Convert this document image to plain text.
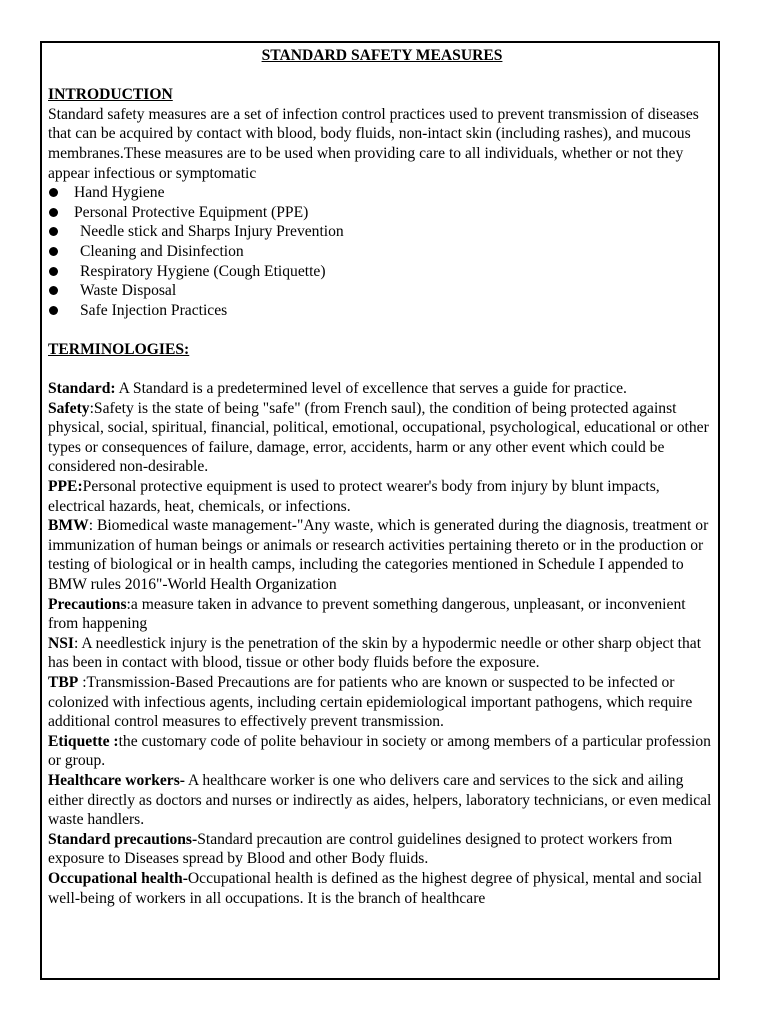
STANDARD SAFETY MEASURES

INTRODUCTION

Standard safety measures are a set of infection control practices used to prevent transmission of diseases that can be acquired by contact with blood, body fluids, non-intact skin (including rashes), and mucous membranes.These measures are to be used when providing care to all individuals, whether or not they appear infectious or symptomatic

Hand Hygiene
Personal Protective Equipment (PPE)
Needle stick and Sharps Injury Prevention
Cleaning and Disinfection
Respiratory Hygiene (Cough Etiquette)
Waste Disposal
Safe Injection Practices

TERMINOLOGIES:

Standard: A Standard is a predetermined level of excellence that serves a guide for practice.

Safety:Safety is the state of being "safe" (from French saul), the condition of being protected against physical, social, spiritual, financial, political, emotional, occupational, psychological, educational or other types or consequences of failure, damage, error, accidents, harm or any other event which could be considered non-desirable.

PPE:Personal protective equipment is used to protect wearer's body from injury by blunt impacts, electrical hazards, heat, chemicals, or infections.

BMW: Biomedical waste management-"Any waste, which is generated during the diagnosis, treatment or immunization of human beings or animals or research activities pertaining thereto or in the production or testing of biological or in health camps, including the categories mentioned in Schedule I appended to BMW rules 2016"-World Health Organization

Precautions:a measure taken in advance to prevent something dangerous, unpleasant, or inconvenient from happening

NSI: A needlestick injury is the penetration of the skin by a hypodermic needle or other sharp object that has been in contact with blood, tissue or other body fluids before the exposure.

TBP :Transmission-Based Precautions are for patients who are known or suspected to be infected or colonized with infectious agents, including certain epidemiological important pathogens, which require additional control measures to effectively prevent transmission.

Etiquette :the customary code of polite behaviour in society or among members of a particular profession or group.

Healthcare workers- A healthcare worker is one who delivers care and services to the sick and ailing either directly as doctors and nurses or indirectly as aides, helpers, laboratory technicians, or even medical waste handlers.

Standard precautions-Standard precaution are control guidelines designed to protect workers from exposure to Diseases spread by Blood and other Body fluids.

Occupational health-Occupational health is defined as the highest degree of physical, mental and social well-being of workers in all occupations. It is the branch of healthcare
